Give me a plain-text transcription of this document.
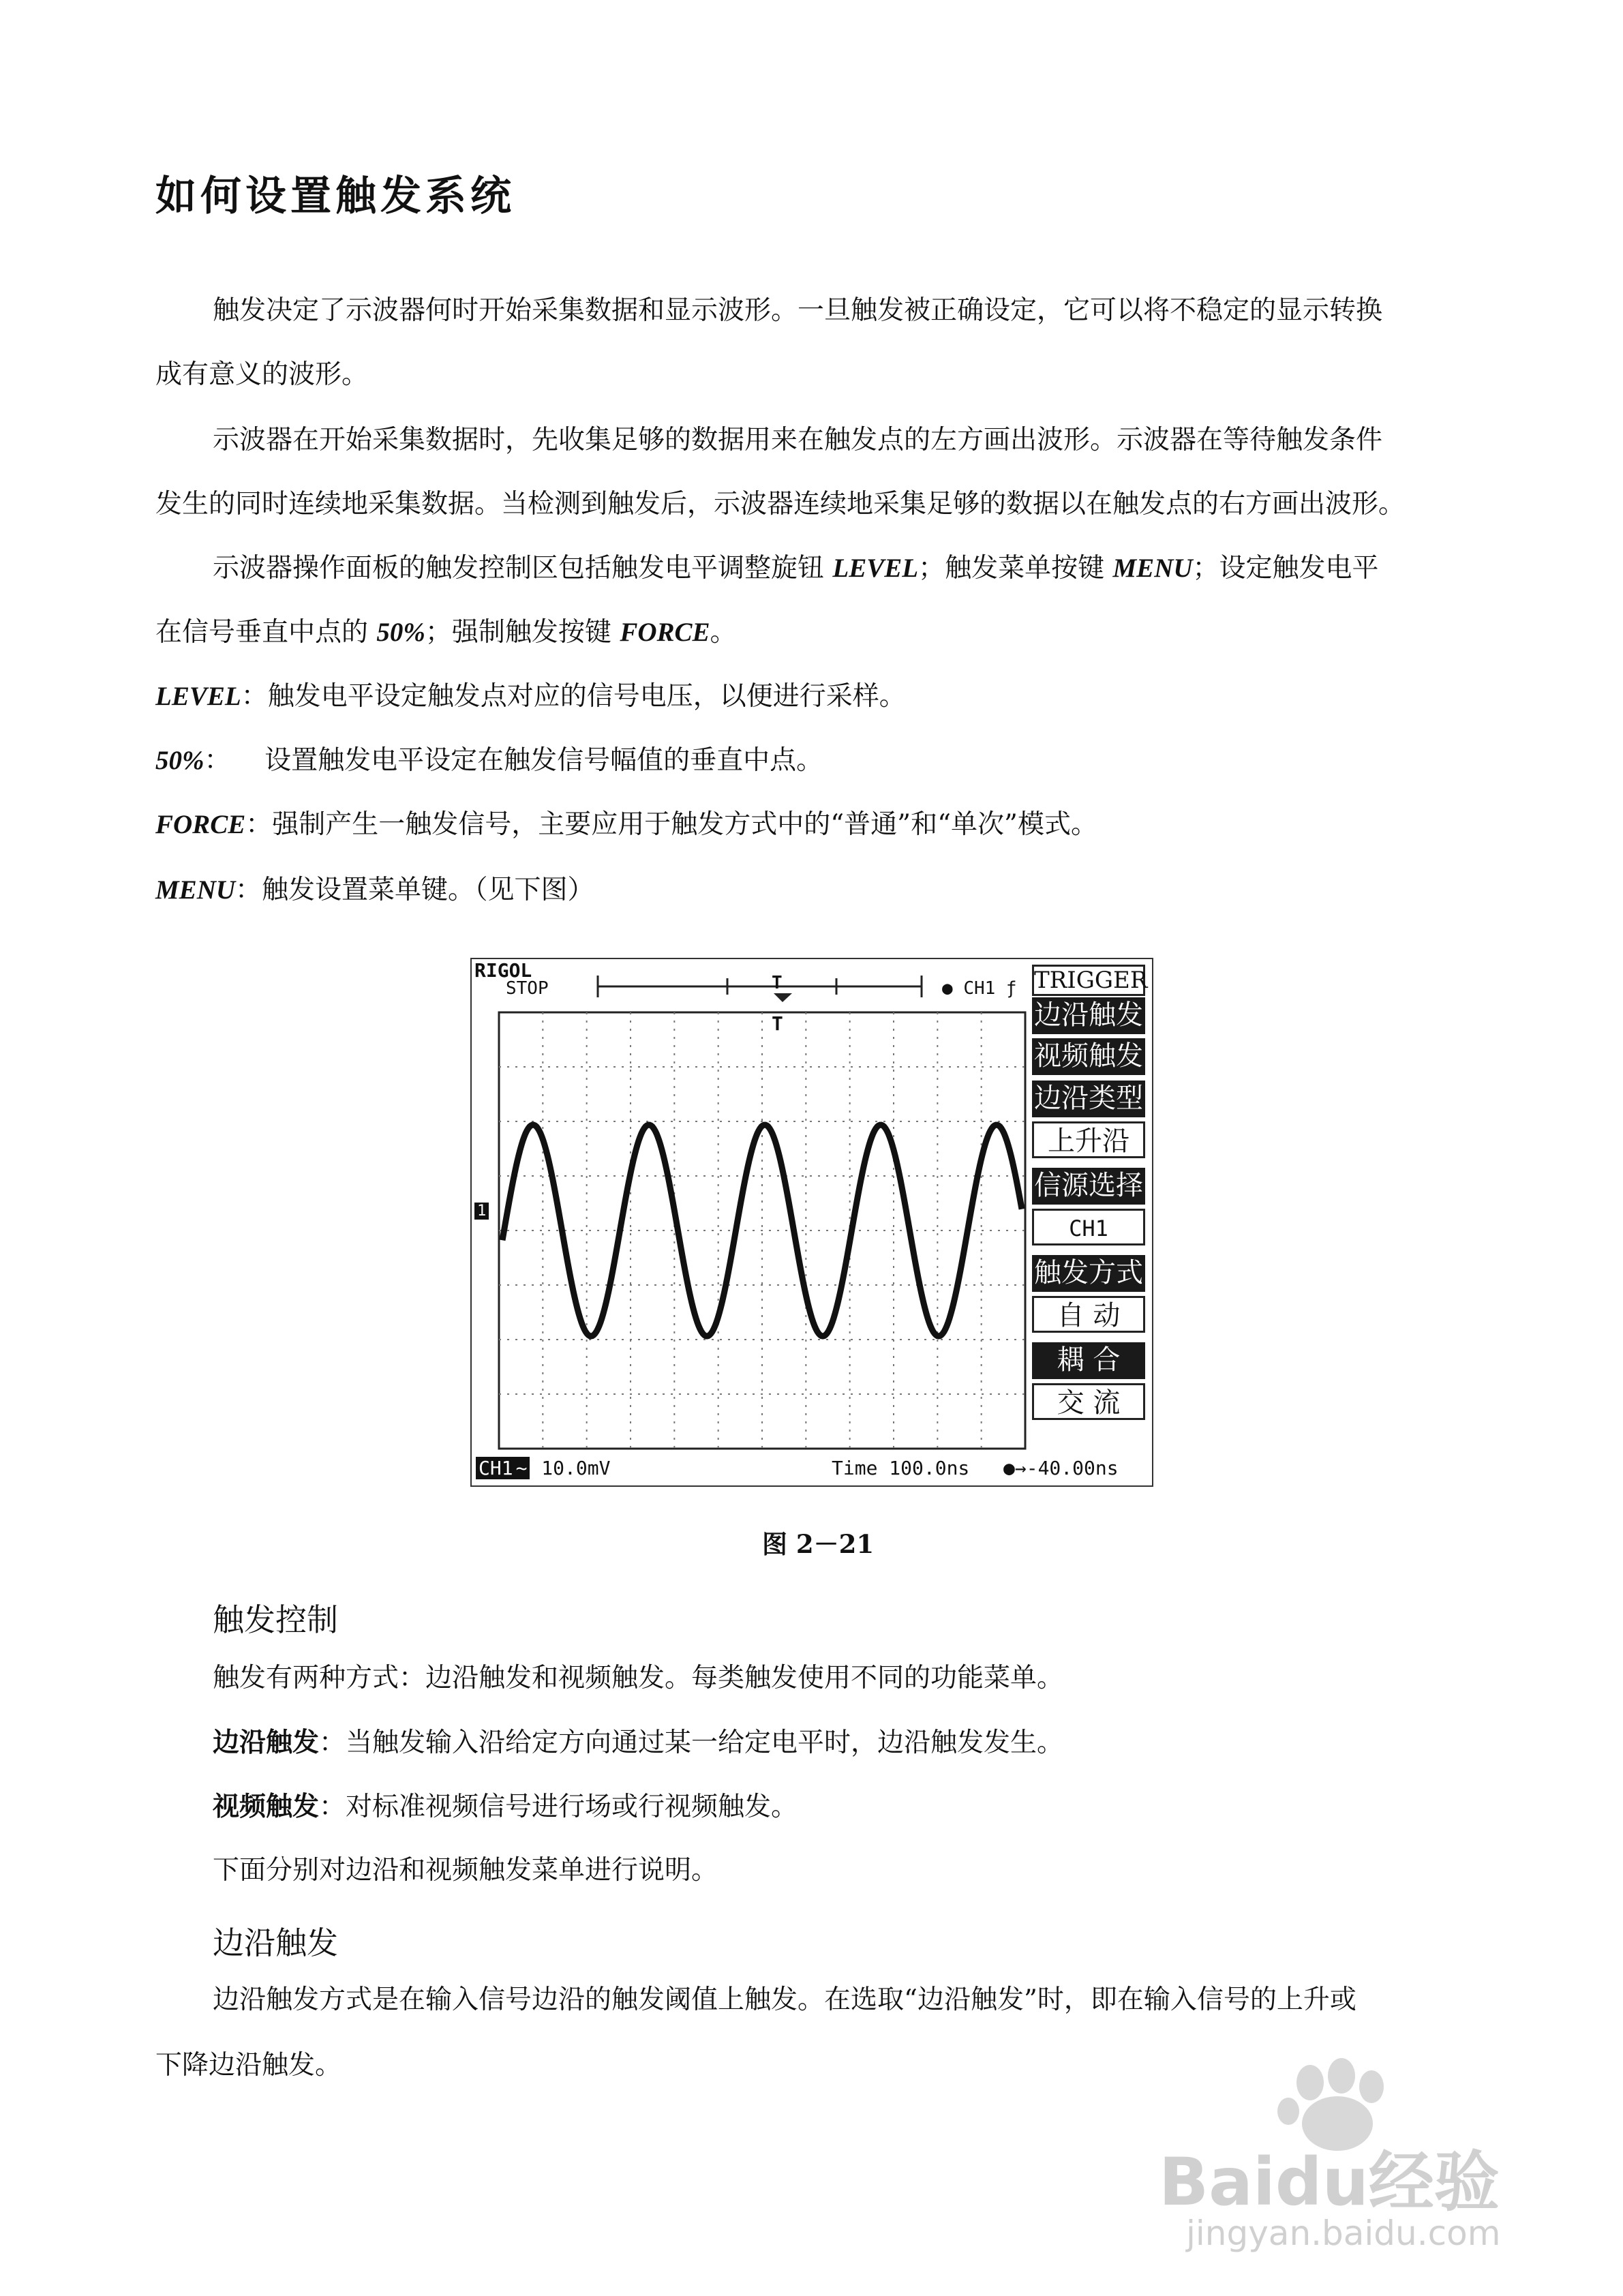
如何设置触发系统
触发决定了示波器何时开始采集数据和显示波形。一旦触发被正确设定，它可以将不稳定的显示转换
成有意义的波形。
示波器在开始采集数据时，先收集足够的数据用来在触发点的左方画出波形。示波器在等待触发条件
发生的同时连续地采集数据。当检测到触发后，示波器连续地采集足够的数据以在触发点的右方画出波形。
示波器操作面板的触发控制区包括触发电平调整旋钮 LEVEL；触发菜单按键 MENU；设定触发电平
在信号垂直中点的 50%；强制触发按键 FORCE。
LEVEL：触发电平设定触发点对应的信号电压，以便进行采样。
50%：    设置触发电平设定在触发信号幅值的垂直中点。
FORCE：强制产生一触发信号，主要应用于触发方式中的“普通”和“单次”模式。
MENU：触发设置菜单键。（见下图）
RIGOL
STOP	T
T
● CH1 ƒ
1
CH1 ~ 10.0mV	Time 100.0ns ●→-40.00ns
TRIGGER
边沿触发
视频触发
边沿类型
上升沿
信源选择
CH1
触发方式
自 动
耦 合
交 流
图 2－21
触发控制
触发有两种方式：边沿触发和视频触发。每类触发使用不同的功能菜单。
边沿触发：当触发输入沿给定方向通过某一给定电平时，边沿触发发生。
视频触发：对标准视频信号进行场或行视频触发。
下面分别对边沿和视频触发菜单进行说明。
边沿触发
边沿触发方式是在输入信号边沿的触发阈值上触发。在选取“边沿触发”时，即在输入信号的上升或
下降边沿触发。
Baidu经验
jingyan.baidu.com
